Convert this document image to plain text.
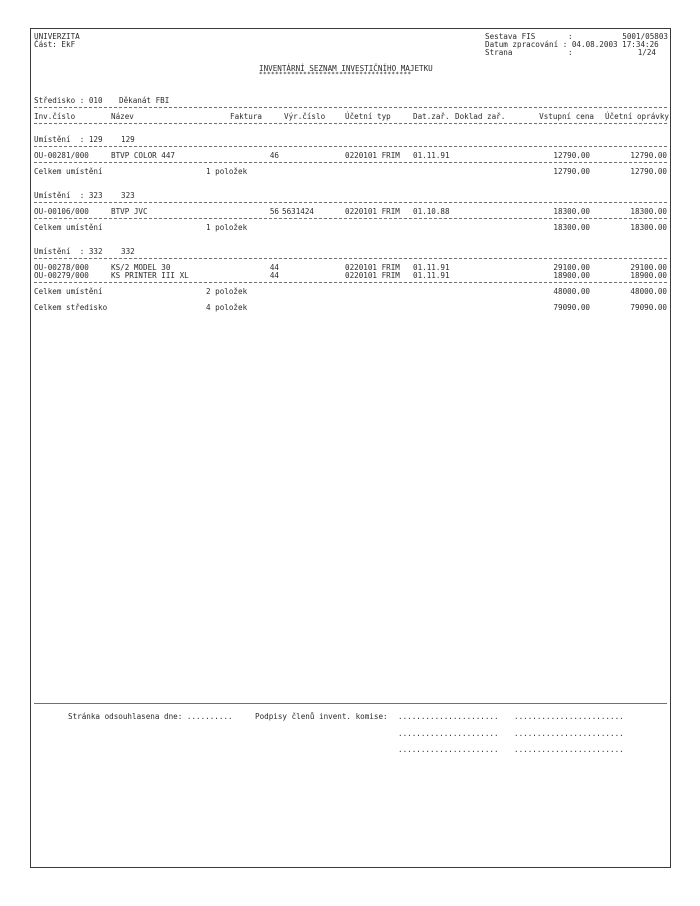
UNIVERZITA
Část: EkF
Sestava FIS	:	5001/05803
Datum zpracování : 04.08.2003 17:34:26
Strana	:	1/24
INVENTÁRNÍ SEZNAM INVESTIČNÍHO MAJETKU
**************************************
Středisko : 010 Děkanát FBI
Inv.číslo	Název	Faktura	Výr.číslo	Účetní typ	Dat.zař. Doklad zař.	Vstupní cena	Účetní oprávky
Umístění  : 129 129
OU-00281/000	BTVP COLOR 447	46	0220101 FRIM 01.11.91	12790.00	12790.00
Celkem umístění	1 položek	12790.00	12790.00
Umístění  : 323 323
OU-00106/000	BTVP JVC	56 5631424	0220101 FRIM 01.10.88	18300.00	18300.00
Celkem umístění	1 položek	18300.00	18300.00
Umístění  : 332 332
OU-00278/000	KS/2 MODEL 30	44	0220101 FRIM 01.11.91	29100.00	29100.00
OU-00279/000	KS PRINTER III XL	44	0220101 FRIM 01.11.91	18900.00	18900.00
Celkem umístění	2 položek	48000.00	48000.00
Celkem středisko	4 položek	79090.00	79090.00
Stránka odsouhlasena dne: ..........	Podpisy členů invent. komise: ...................... ........................
...................... ........................
...................... ........................
